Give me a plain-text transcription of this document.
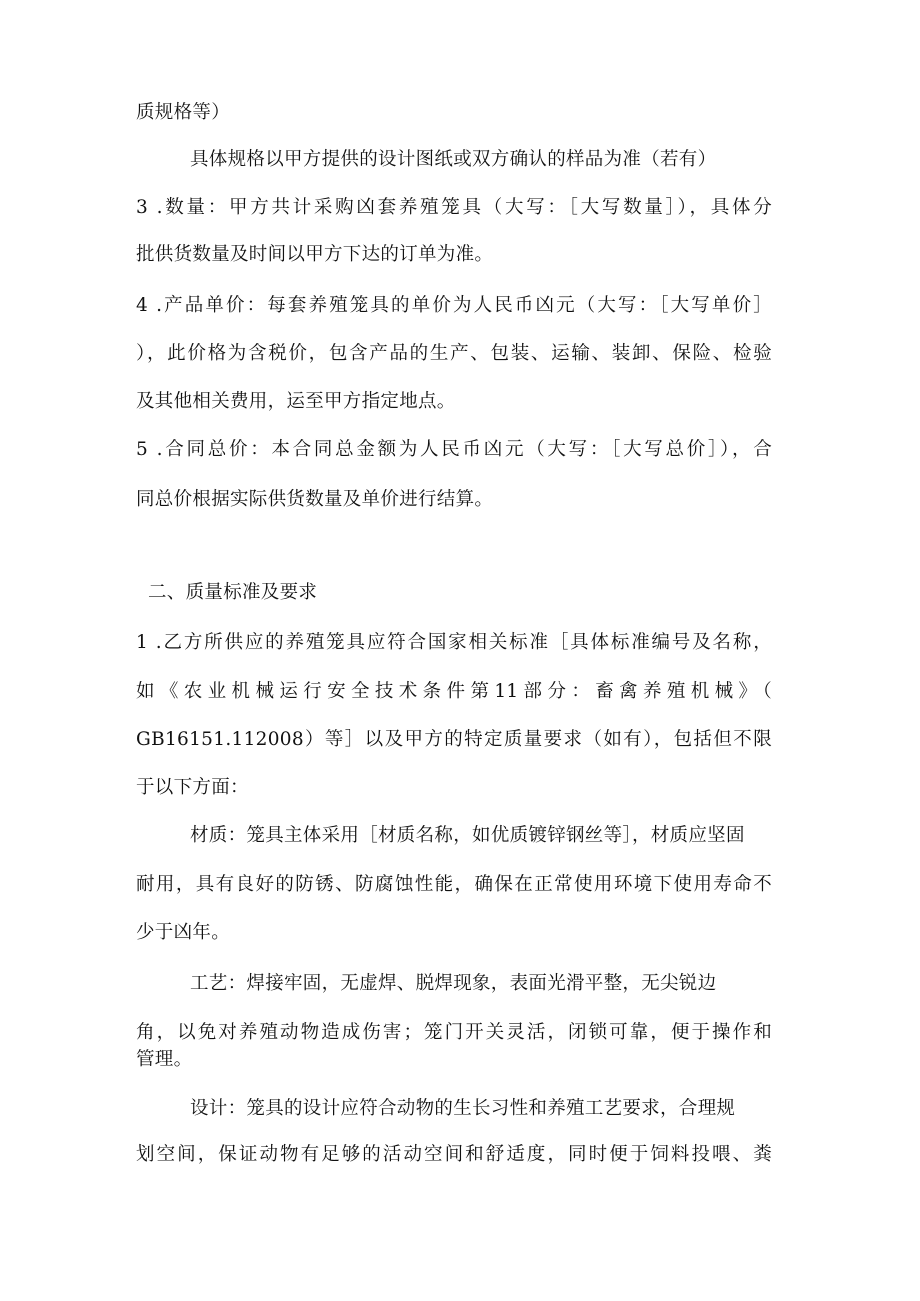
质规格等）
具体规格以甲方提供的设计图纸或双方确认的样品为准（若有）
3 .数量：甲方共计采购凶套养殖笼具（大写：［大写数量］），具体分
批供货数量及时间以甲方下达的订单为准。
4 .产品单价：每套养殖笼具的单价为人民币凶元（大写：［大写单价］
），此价格为含税价，包含产品的生产、包装、运输、装卸、保险、检验
及其他相关费用，运至甲方指定地点。
5 .合同总价：本合同总金额为人民币凶元（大写：［大写总价］），合
同总价根据实际供货数量及单价进行结算。
二、质量标准及要求
1 .乙方所供应的养殖笼具应符合国家相关标准［具体标准编号及名称，
如《农业机械运行安全技术条件第11部分：畜禽养殖机械》（
GB16151.112008）等］以及甲方的特定质量要求（如有），包括但不限
于以下方面：
材质：笼具主体采用［材质名称，如优质镀锌钢丝等］，材质应坚固
耐用，具有良好的防锈、防腐蚀性能，确保在正常使用环境下使用寿命不
少于凶年。
工艺：焊接牢固，无虚焊、脱焊现象，表面光滑平整，无尖锐边
角，以免对养殖动物造成伤害；笼门开关灵活，闭锁可靠，便于操作和
管理。
设计：笼具的设计应符合动物的生长习性和养殖工艺要求，合理规
划空间，保证动物有足够的活动空间和舒适度，同时便于饲料投喂、粪
